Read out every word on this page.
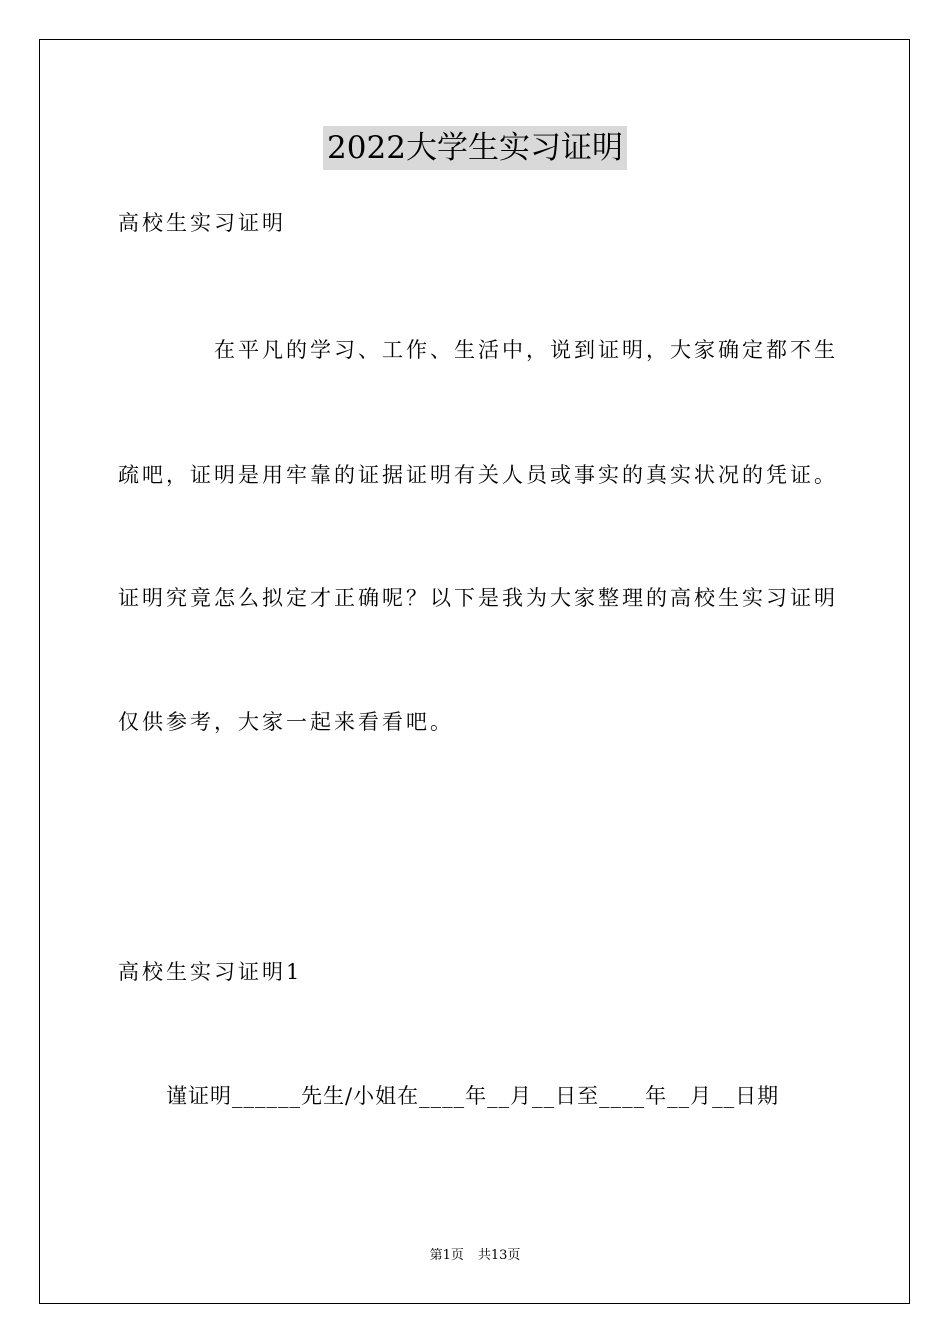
2022大学生实习证明
高校生实习证明
在平凡的学习、工作、生活中，说到证明，大家确定都不生
疏吧，证明是用牢靠的证据证明有关人员或事实的真实状况的凭证。
证明究竟怎么拟定才正确呢？以下是我为大家整理的高校生实习证明
仅供参考，大家一起来看看吧。
高校生实习证明1
谨证明______先生/小姐在____年__月__日至____年__月__日期
第1页 共13页
